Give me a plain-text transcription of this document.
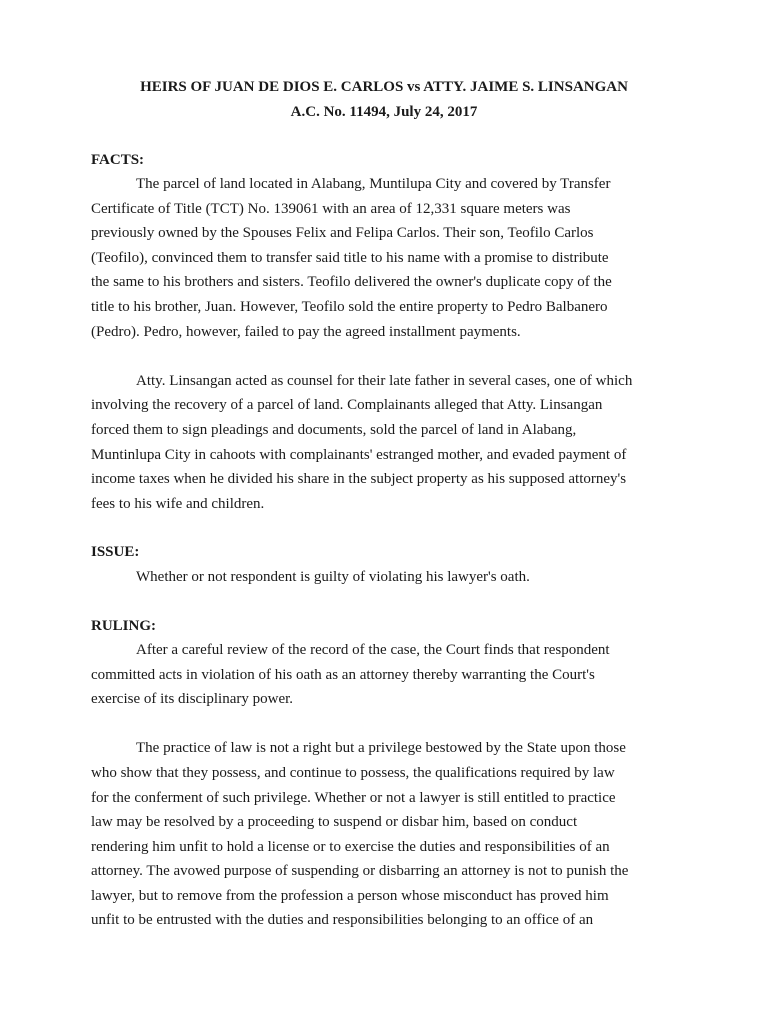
HEIRS OF JUAN DE DIOS E. CARLOS vs ATTY. JAIME S. LINSANGAN
A.C. No. 11494, July 24, 2017
FACTS:
The parcel of land located in Alabang, Muntilupa City and covered by Transfer
Certificate of Title (TCT) No. 139061 with an area of 12,331 square meters was
previously owned by the Spouses Felix and Felipa Carlos. Their son, Teofilo Carlos
(Teofilo), convinced them to transfer said title to his name with a promise to distribute
the same to his brothers and sisters. Teofilo delivered the owner's duplicate copy of the
title to his brother, Juan. However, Teofilo sold the entire property to Pedro Balbanero
(Pedro). Pedro, however, failed to pay the agreed installment payments.
Atty. Linsangan acted as counsel for their late father in several cases, one of which
involving the recovery of a parcel of land. Complainants alleged that Atty. Linsangan
forced them to sign pleadings and documents, sold the parcel of land in Alabang,
Muntinlupa City in cahoots with complainants' estranged mother, and evaded payment of
income taxes when he divided his share in the subject property as his supposed attorney's
fees to his wife and children.
ISSUE:
Whether or not respondent is guilty of violating his lawyer's oath.
RULING:
After a careful review of the record of the case, the Court finds that respondent
committed acts in violation of his oath as an attorney thereby warranting the Court's
exercise of its disciplinary power.
The practice of law is not a right but a privilege bestowed by the State upon those
who show that they possess, and continue to possess, the qualifications required by law
for the conferment of such privilege. Whether or not a lawyer is still entitled to practice
law may be resolved by a proceeding to suspend or disbar him, based on conduct
rendering him unfit to hold a license or to exercise the duties and responsibilities of an
attorney. The avowed purpose of suspending or disbarring an attorney is not to punish the
lawyer, but to remove from the profession a person whose misconduct has proved him
unfit to be entrusted with the duties and responsibilities belonging to an office of an
